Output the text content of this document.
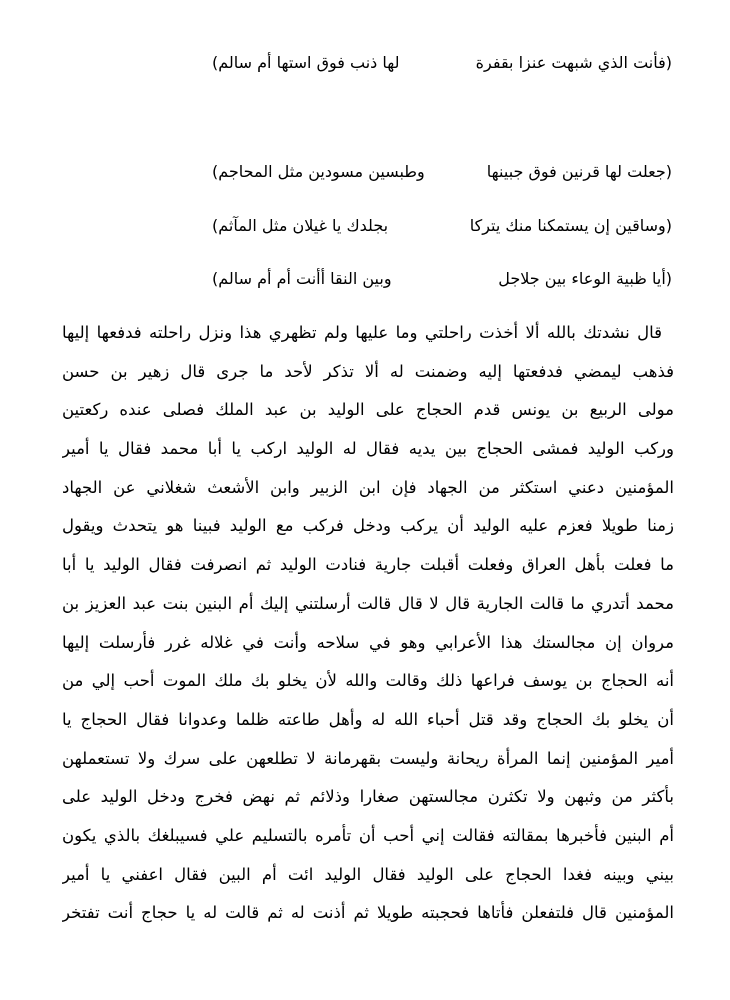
(فأنت الذي شبهت عنزا بقفرة
لها ذنب فوق استها أم سالم)
(جعلت لها قرنين فوق جبينها
وطبسين مسودين مثل المحاجم)
(وساقين إن يستمكنا منك يتركا
بجلدك يا غيلان مثل المآثم)
(أيا ظبية الوعاء بين جلاجل
وبين النقا أأنت أم أم سالم)
قال نشدتك بالله ألا أخذت راحلتي وما عليها ولم تظهري هذا ونزل راحلته فدفعها إليها
فذهب ليمضي فدفعتها إليه وضمنت له ألا تذكر لأحد ما جرى قال زهير بن حسن
مولى الربيع بن يونس قدم الحجاج على الوليد بن عبد الملك فصلى عنده ركعتين
وركب الوليد فمشى الحجاج بين يديه فقال له الوليد اركب يا أبا محمد فقال يا أمير
المؤمنين دعني استكثر من الجهاد فإن ابن الزبير وابن الأشعث شغلاني عن الجهاد
زمنا طويلا فعزم عليه الوليد أن يركب ودخل فركب مع الوليد فبينا هو يتحدث ويقول
ما فعلت بأهل العراق وفعلت أقبلت جارية فنادت الوليد ثم انصرفت فقال الوليد يا أبا
محمد أتدري ما قالت الجارية قال لا قال قالت أرسلتني إليك أم البنين بنت عبد العزيز بن
مروان إن مجالستك هذا الأعرابي وهو في سلاحه وأنت في غلاله غرر فأرسلت إليها
أنه الحجاج بن يوسف فراعها ذلك وقالت والله لأن يخلو بك ملك الموت أحب إلي من
أن يخلو بك الحجاج وقد قتل أحباء الله له وأهل طاعته ظلما وعدوانا فقال الحجاج يا
أمير المؤمنين إنما المرأة ريحانة وليست بقهرمانة لا تطلعهن على سرك ولا تستعملهن
بأكثر من وثبهن ولا تكثرن مجالستهن صغارا وذلائم ثم نهض فخرج ودخل الوليد على
أم البنين فأخبرها بمقالته فقالت إني أحب أن تأمره بالتسليم علي فسيبلغك بالذي يكون
بيني وبينه فغدا الحجاج على الوليد فقال الوليد ائت أم البين فقال اعفني يا أمير
المؤمنين قال فلتفعلن فأتاها فحجبته طويلا ثم أذنت له ثم قالت له يا حجاج أنت تفتخر
